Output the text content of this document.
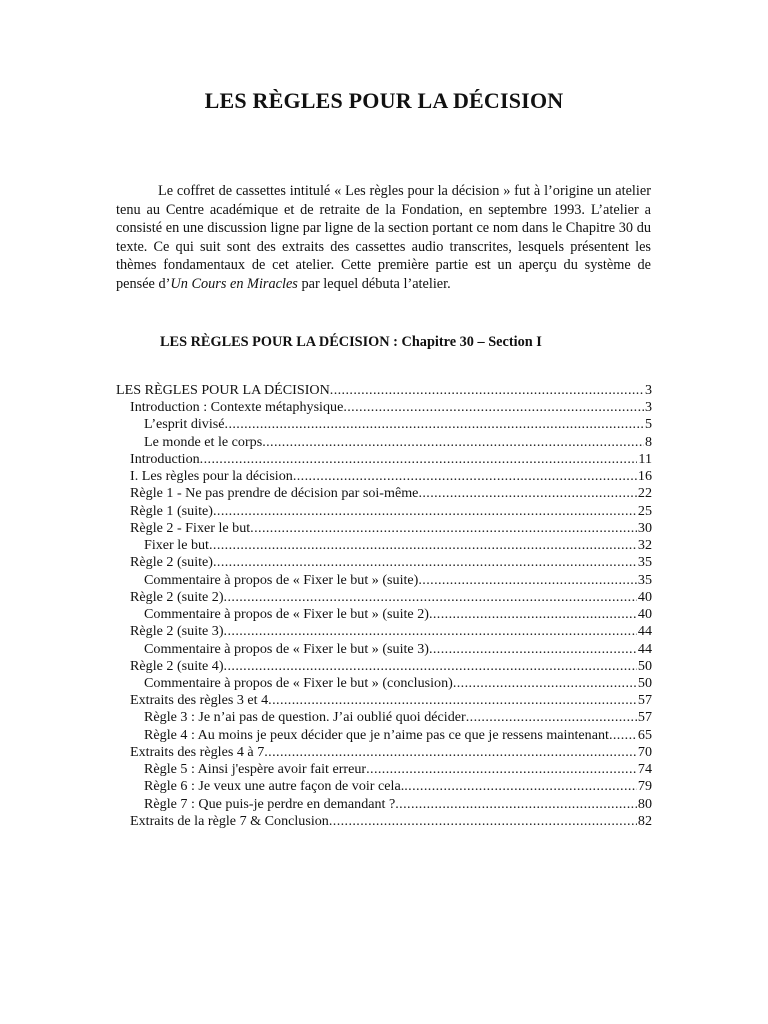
LES RÈGLES POUR LA DÉCISION

Le coffret de cassettes intitulé « Les règles pour la décision » fut à l’origine un atelier tenu au Centre académique et de retraite de la Fondation, en septembre 1993. L’atelier a consisté en une discussion ligne par ligne de la section portant ce nom dans le Chapitre 30 du texte. Ce qui suit sont des extraits des cassettes audio transcrites, lesquels présentent les thèmes fondamentaux de cet atelier. Cette première partie est un aperçu du système de pensée d’Un Cours en Miracles par lequel débuta l’atelier.

LES RÈGLES POUR LA DÉCISION : Chapitre 30 – Section I
LES RÈGLES POUR LA DÉCISION .....	3
Introduction : Contexte métaphysique .....	3
L’esprit divisé .....	5
Le monde et le corps .....	8
Introduction .....	11
I. Les règles pour la décision .....	16
Règle 1 - Ne pas prendre de décision par soi-même .....	22
Règle 1 (suite) .....	25
Règle 2 - Fixer le but .....	30
Fixer le but .....	32
Règle 2 (suite) .....	35
Commentaire à propos de « Fixer le but » (suite) .....	35
Règle 2 (suite 2) .....	40
Commentaire à propos de « Fixer le but » (suite 2) .....	40
Règle 2 (suite 3) .....	44
Commentaire à propos de « Fixer le but » (suite 3) .....	44
Règle 2 (suite 4) .....	50
Commentaire à propos de « Fixer le but » (conclusion) .....	50
Extraits des règles 3 et 4 .....	57
Règle 3 : Je n’ai pas de question. J’ai oublié quoi décider .....	57
Règle 4 : Au moins je peux décider que je n’aime pas ce que je ressens maintenant ..... 65
Extraits des règles 4 à 7 .....	70
Règle 5 : Ainsi j'espère avoir fait erreur .....	74
Règle 6 : Je veux une autre façon de voir cela. .....	79
Règle 7 : Que puis-je perdre en demandant ? .....	80
Extraits de la règle 7 & Conclusion .....	82
